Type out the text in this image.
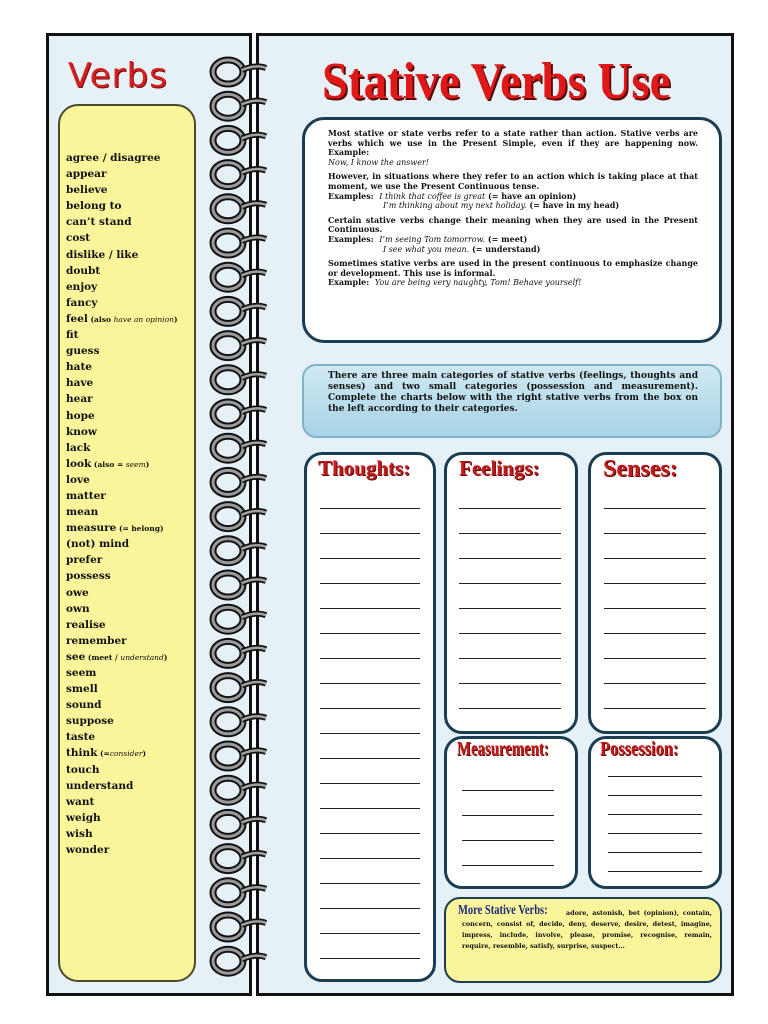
Verbs
agree / disagree
appear
believe
belong to
can’t stand
cost
dislike / like
doubt
enjoy
fancy
feel (also have an opinion)
fit
guess
hate
have
hear
hope
know
lack
look (also = seem)
love
matter
mean
measure (= belong)
(not) mind
prefer
possess
owe
own
realise
remember
see (meet / understand)
seem
smell
sound
suppose
taste
think (=consider)
touch
understand
want
weigh
wish
wonder
Stative Verbs Use

Most stative or state verbs refer to a state rather than action. Stative verbs are verbs which we use in the Present Simple, even if they are happening now. Example:
Now, I know the answer!

However, in situations where they refer to an action which is taking place at that moment, we use the Present Continuous tense.
Examples: I think that coffee is great (= have an opinion)
I’m thinking about my next holiday. (= have in my head)

Certain stative verbs change their meaning when they are used in the Present Continuous.
Examples: I’m seeing Tom tomorrow. (= meet)
I see what you mean. (= understand)

Sometimes stative verbs are used in the present continuous to emphasize change or development. This use is informal.
Example: You are being very naughty, Tom! Behave yourself!

There are three main categories of stative verbs (feelings, thoughts and senses) and two small categories (possession and measurement). Complete the charts below with the right stative verbs from the box on the left according to their categories.
Thoughts: Feelings:	Senses:
Measurement:	Possession:
More Stative Verbs:	adore, astonish, bet (opinion), contain, concern, consist of, decide, deny, deserve, desire, detest, imagine, impress, include, involve, please, promise, recognise, remain, require, resemble, satisfy, surprise, suspect…
